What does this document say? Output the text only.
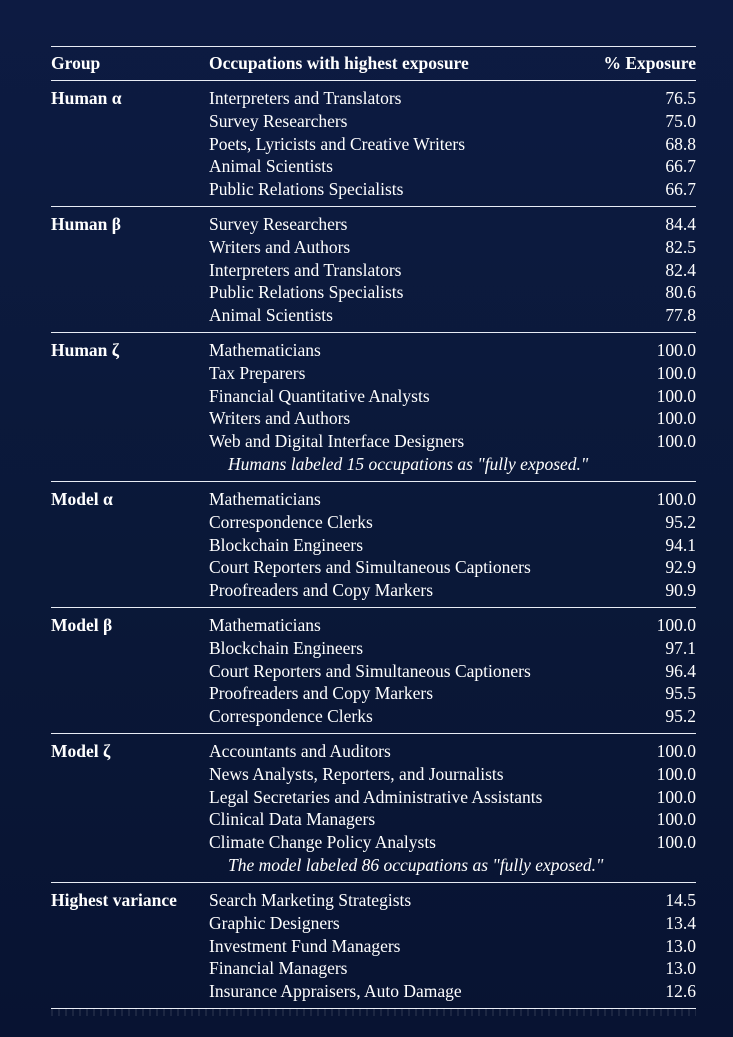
Group	Occupations with highest exposure	% Exposure
Human α	Interpreters and Translators	76.5
Survey Researchers	75.0
Poets, Lyricists and Creative Writers	68.8
Animal Scientists	66.7
Public Relations Specialists	66.7
Human β	Survey Researchers	84.4
Writers and Authors	82.5
Interpreters and Translators	82.4
Public Relations Specialists	80.6
Animal Scientists	77.8
Human ζ	Mathematicians	100.0
Tax Preparers	100.0
Financial Quantitative Analysts	100.0
Writers and Authors	100.0
Web and Digital Interface Designers	100.0
Humans labeled 15 occupations as "fully exposed."
Model α	Mathematicians	100.0
Correspondence Clerks	95.2
Blockchain Engineers	94.1
Court Reporters and Simultaneous Captioners	92.9
Proofreaders and Copy Markers	90.9
Model β	Mathematicians	100.0
Blockchain Engineers	97.1
Court Reporters and Simultaneous Captioners	96.4
Proofreaders and Copy Markers	95.5
Correspondence Clerks	95.2
Model ζ	Accountants and Auditors	100.0
News Analysts, Reporters, and Journalists	100.0
Legal Secretaries and Administrative Assistants	100.0
Clinical Data Managers	100.0
Climate Change Policy Analysts	100.0
The model labeled 86 occupations as "fully exposed."
Highest variance	Search Marketing Strategists	14.5
Graphic Designers	13.4
Investment Fund Managers	13.0
Financial Managers	13.0
Insurance Appraisers, Auto Damage	12.6
